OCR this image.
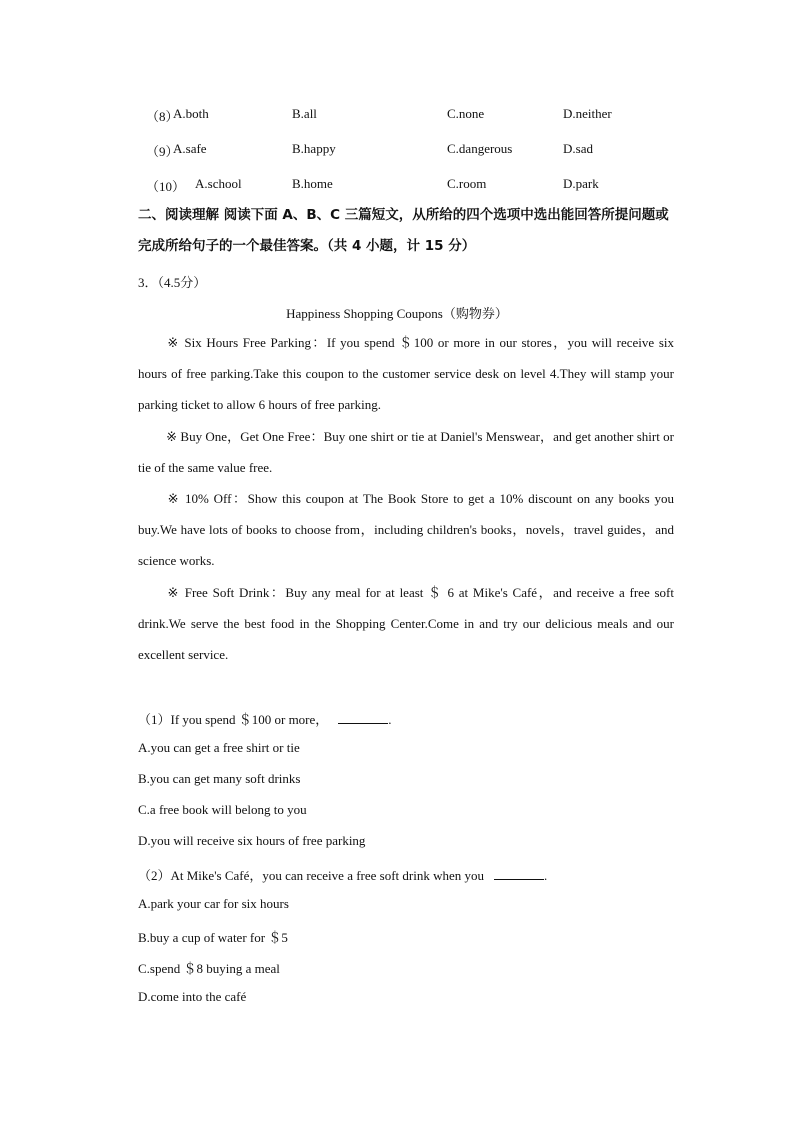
（8）
A.both	B.all	C.none	D.neither
（9）
A.safe	B.happy	C.dangerous	D.sad
（10） A.school	B.home	C.room	D.park
二、阅读理解 阅读下面 A、B、C 三篇短文，从所给的四个选项中选出能回答所提问题或
完成所给句子的一个最佳答案。（共 4 小题，计 15 分）
3．（4.5分）
Happiness Shopping Coupons（购物券）
※ Six Hours Free Parking：If you spend ＄100 or more in our stores，you will receive six hours of free parking.Take this coupon to the customer service desk on level 4.They will stamp your parking ticket to allow 6 hours of free parking.
※ Buy One，Get One Free：Buy one shirt or tie at Daniel's Menswear，and get another shirt or tie of the same value free.
※ 10% Off：Show this coupon at The Book Store to get a 10% discount on any books you buy.We have lots of books to choose from，including children's books，novels，travel guides，and science works.
※ Free Soft Drink：Buy any meal for at least ＄ 6 at Mike's Café，and receive a free soft drink.We serve the best food in the Shopping Center.Come in and try our delicious meals and our excellent service.
（1）If you spend ＄100 or more，	.
A.you can get a free shirt or tie
B.you can get many soft drinks
C.a free book will belong to you
D.you will receive six hours of free parking
（2）At Mike's Café，you can receive a free soft drink when you	.
A.park your car for six hours
B.buy a cup of water for ＄5
C.spend ＄8 buying a meal
D.come into the café
